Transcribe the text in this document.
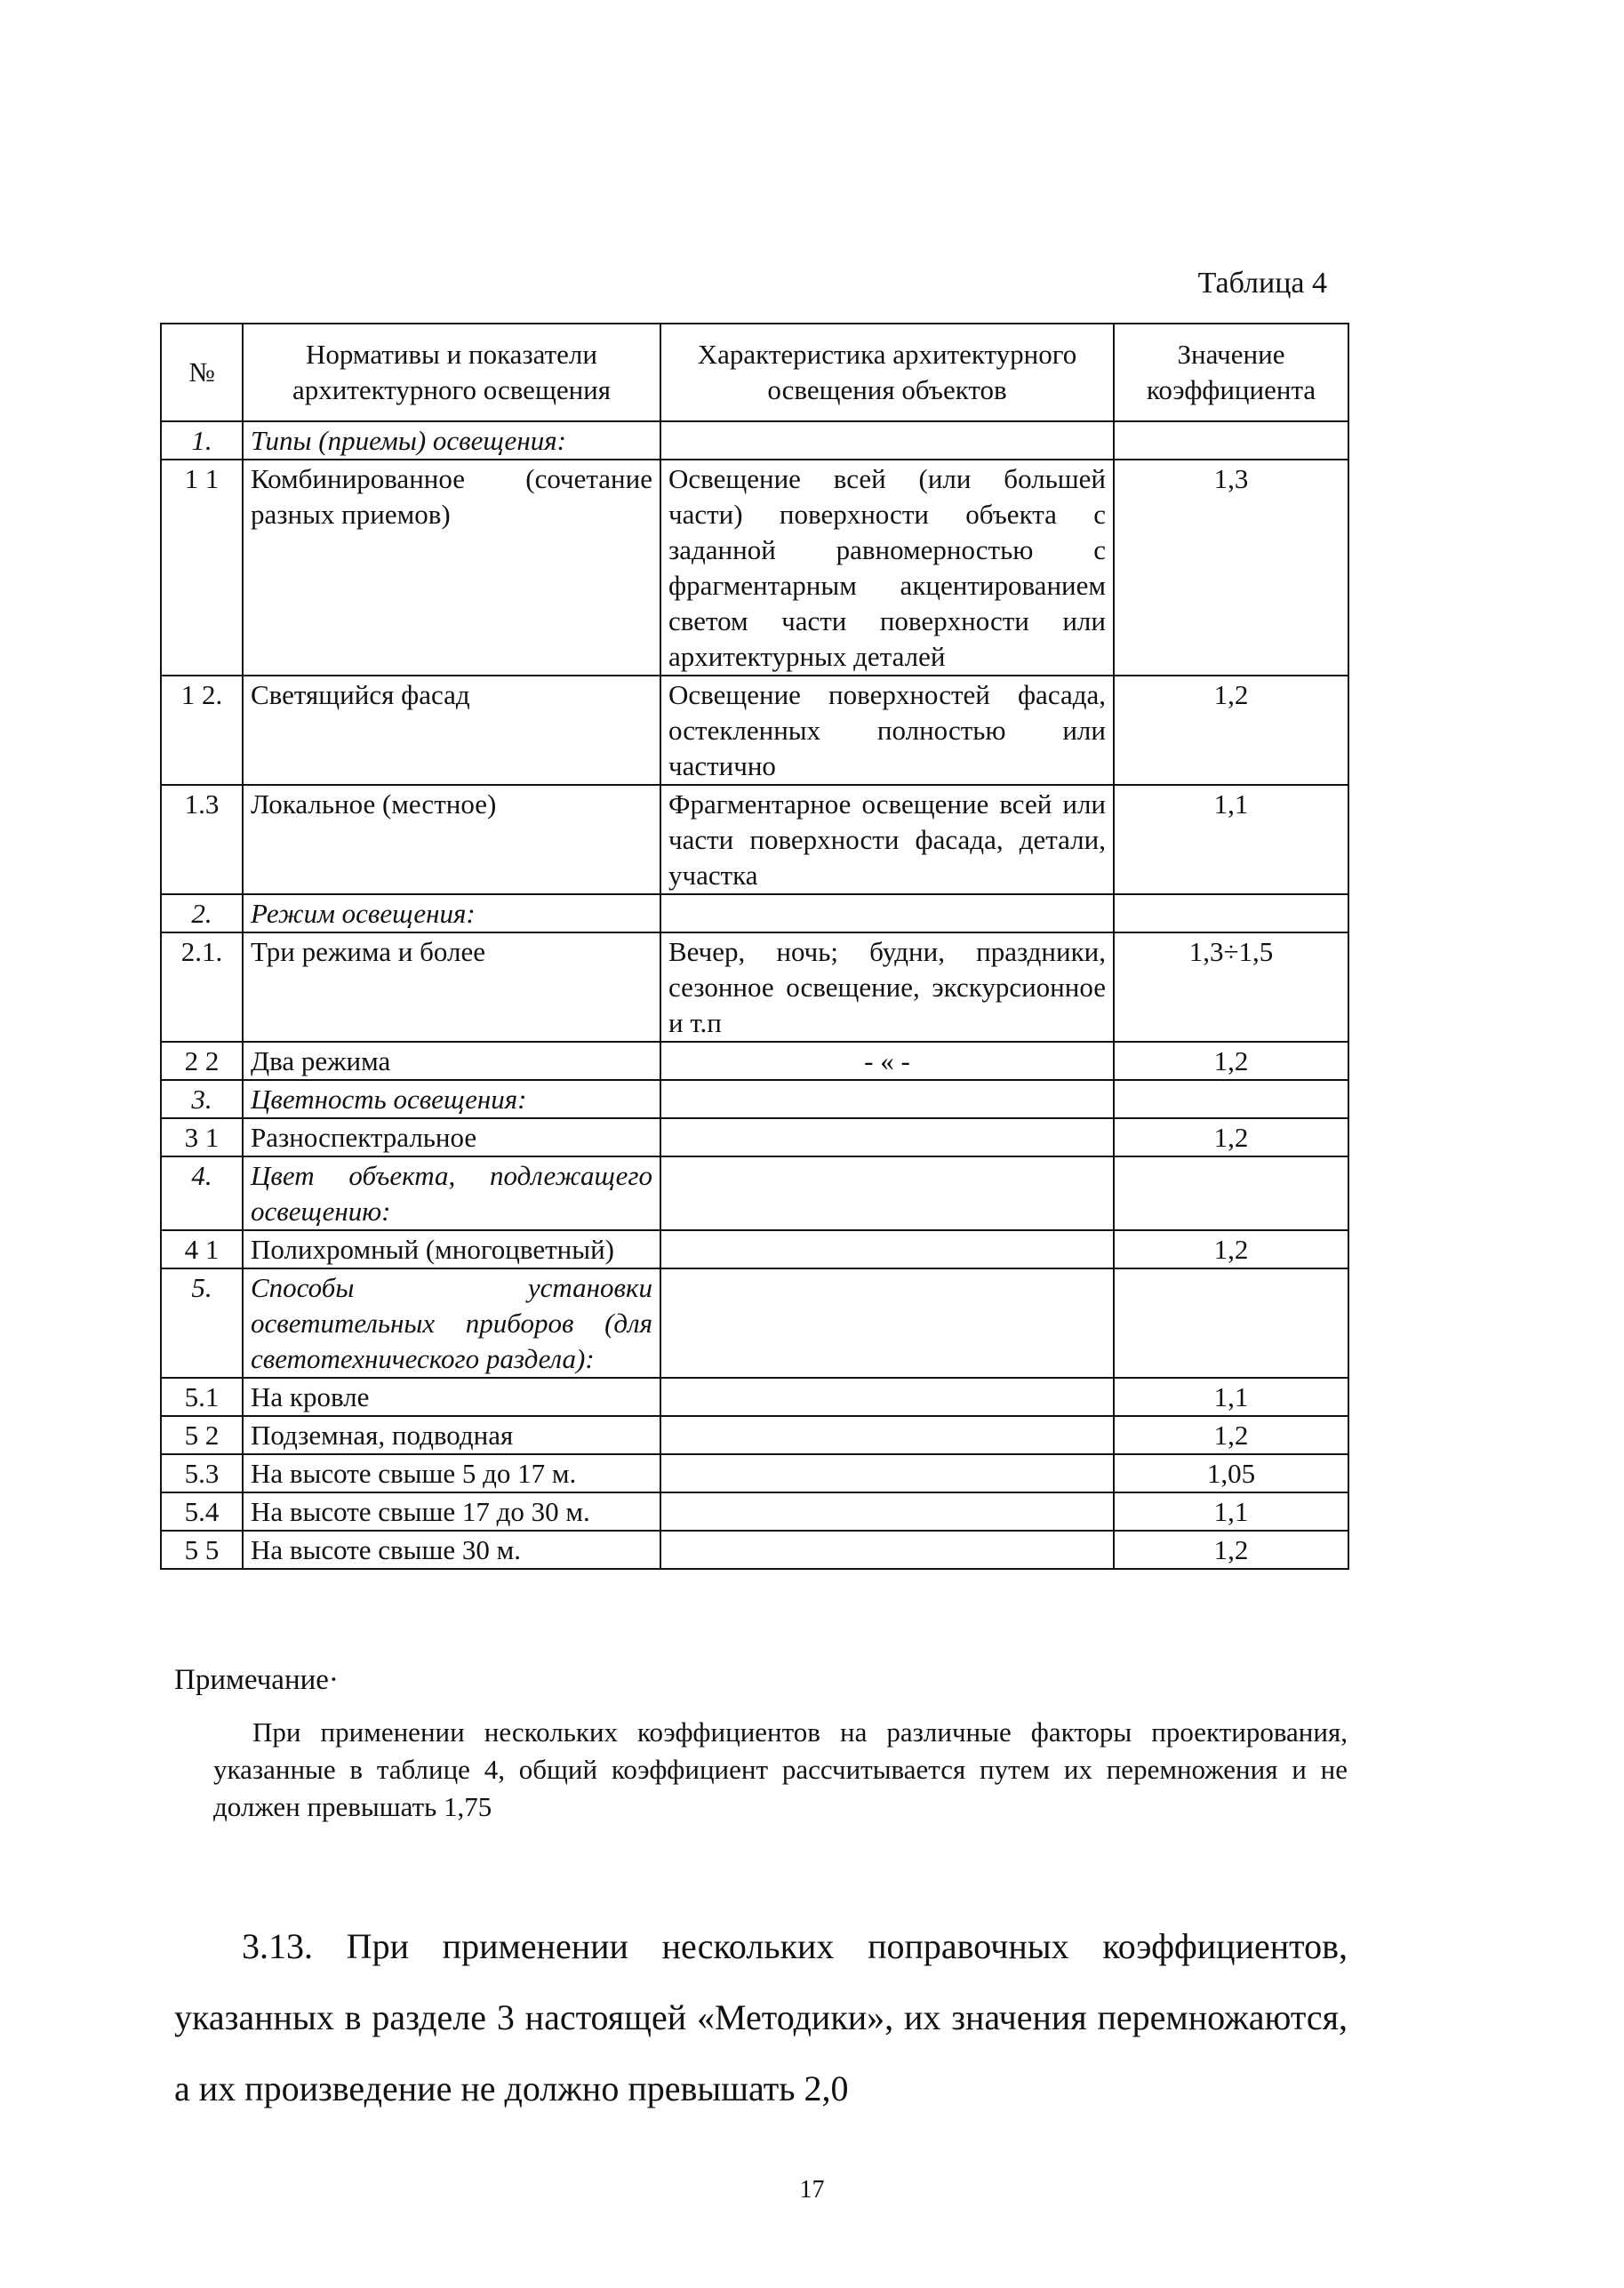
Таблица 4
№	Нормативы и показатели архитектурного освещения	Характеристика архитектурного освещения объектов	Значение коэффициента
1.	Типы (приемы) освещения:		
1 1	Комбинированное (сочетание разных приемов)	Освещение всей (или большей части) поверхности объекта с заданной равномерностью с фрагментарным акцентированием светом части поверхности или архитектурных деталей	1,3
1 2.	Светящийся фасад	Освещение поверхностей фасада, остекленных полностью или частично	1,2
1.3	Локальное (местное)	Фрагментарное освещение всей или части поверхности фасада, детали, участка	1,1
2.	Режим освещения:		
2.1.	Три режима и более	Вечер, ночь; будни, праздники, сезонное освещение, экскурсионное и т.п	1,3÷1,5
2 2	Два режима	- « -	1,2
3.	Цветность освещения:		
3 1	Разноспектральное		1,2
4.	Цвет объекта, подлежащего освещению:		
4 1	Полихромный (многоцветный)		1,2
5.	Способы установки осветительных приборов (для светотехнического раздела):		
5.1	На кровле		1,1
5 2	Подземная, подводная		1,2
5.3	На высоте свыше 5 до 17 м.		1,05
5.4	На высоте свыше 17 до 30 м.		1,1
5 5	На высоте свыше 30 м.		1,2
Примечание·

При применении нескольких коэффициентов на различные факторы проектирования, указанные в таблице 4, общий коэффициент рассчитывается путем их перемножения и не должен превышать 1,75

3.13. При применении нескольких поправочных коэффициентов, указанных в разделе 3 настоящей «Методики», их значения перемножаются, а их произведение не должно превышать 2,0

17
